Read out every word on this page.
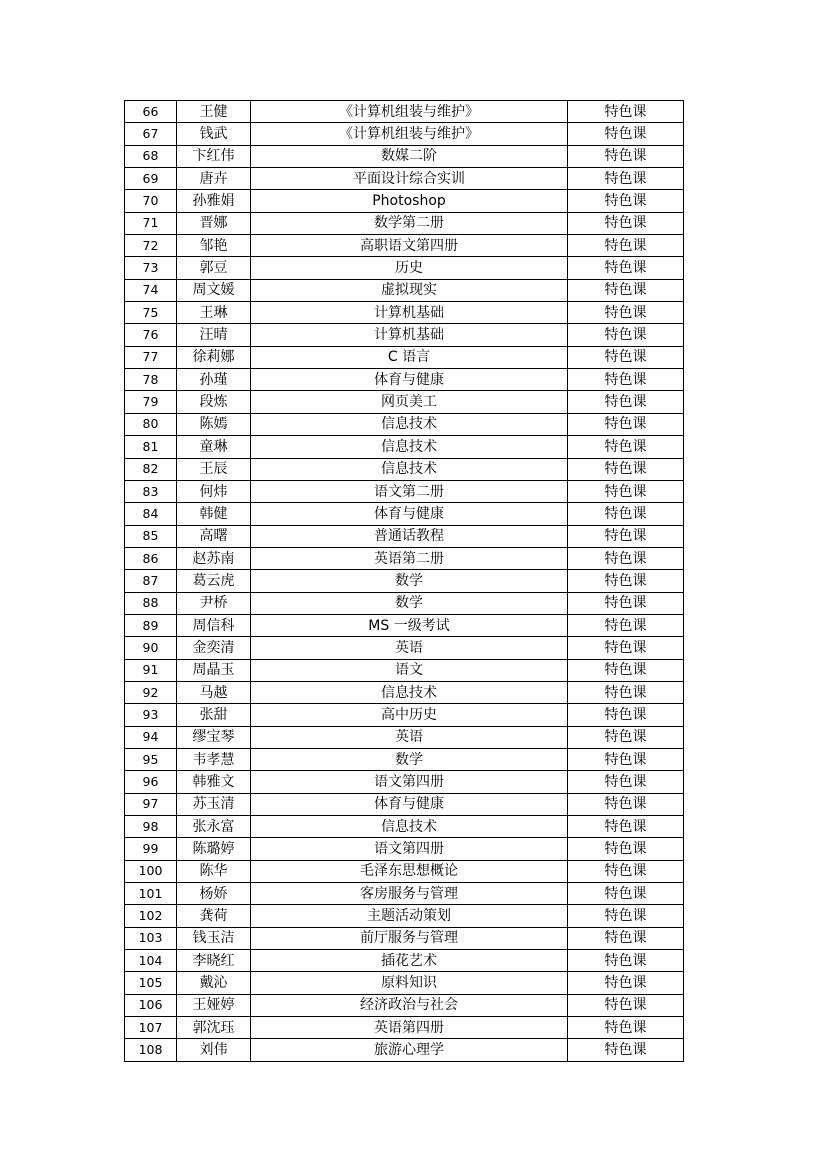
66	王健	《计算机组装与维护》	特色课
67	钱武	《计算机组装与维护》	特色课
68	卞红伟	数媒二阶	特色课
69	唐卉	平面设计综合实训	特色课
70	孙雅娟	Photoshop	特色课
71	晋娜	数学第二册	特色课
72	邹艳	高职语文第四册	特色课
73	郭豆	历史	特色课
74	周文媛	虚拟现实	特色课
75	王琳	计算机基础	特色课
76	汪晴	计算机基础	特色课
77	徐莉娜	C 语言	特色课
78	孙瑾	体育与健康	特色课
79	段炼	网页美工	特色课
80	陈嫣	信息技术	特色课
81	童琳	信息技术	特色课
82	王辰	信息技术	特色课
83	何炜	语文第二册	特色课
84	韩健	体育与健康	特色课
85	高曙	普通话教程	特色课
86	赵苏南	英语第二册	特色课
87	葛云虎	数学	特色课
88	尹桥	数学	特色课
89	周信科	MS 一级考试	特色课
90	金奕清	英语	特色课
91	周晶玉	语文	特色课
92	马越	信息技术	特色课
93	张甜	高中历史	特色课
94	缪宝琴	英语	特色课
95	韦孝慧	数学	特色课
96	韩雅文	语文第四册	特色课
97	苏玉清	体育与健康	特色课
98	张永富	信息技术	特色课
99	陈璐婷	语文第四册	特色课
100	陈华	毛泽东思想概论	特色课
101	杨娇	客房服务与管理	特色课
102	龚荷	主题活动策划	特色课
103	钱玉洁	前厅服务与管理	特色课
104	李晓红	插花艺术	特色课
105	戴沁	原料知识	特色课
106	王娅婷	经济政治与社会	特色课
107	郭沈珏	英语第四册	特色课
108	刘伟	旅游心理学	特色课
